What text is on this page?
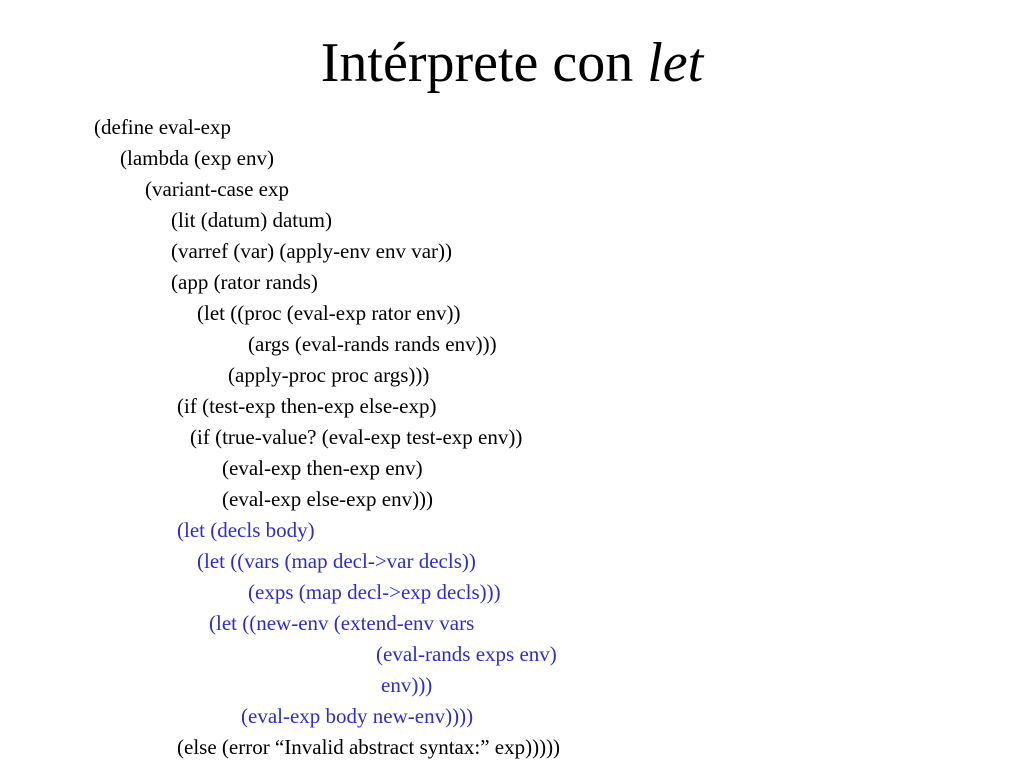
Intérprete con let
(define eval-exp
(lambda (exp env)
(variant-case exp
(lit (datum) datum)
(varref (var) (apply-env env var))
(app (rator rands)
(let ((proc (eval-exp rator env))
(args (eval-rands rands env)))
(apply-proc proc args)))
(if (test-exp then-exp else-exp)
(if (true-value? (eval-exp test-exp env))
(eval-exp then-exp env)
(eval-exp else-exp env)))
(let (decls body)
(let ((vars (map decl->var decls))
(exps (map decl->exp decls)))
(let ((new-env (extend-env vars
(eval-rands exps env)
env)))
(eval-exp body new-env))))
(else (error “Invalid abstract syntax:” exp)))))
